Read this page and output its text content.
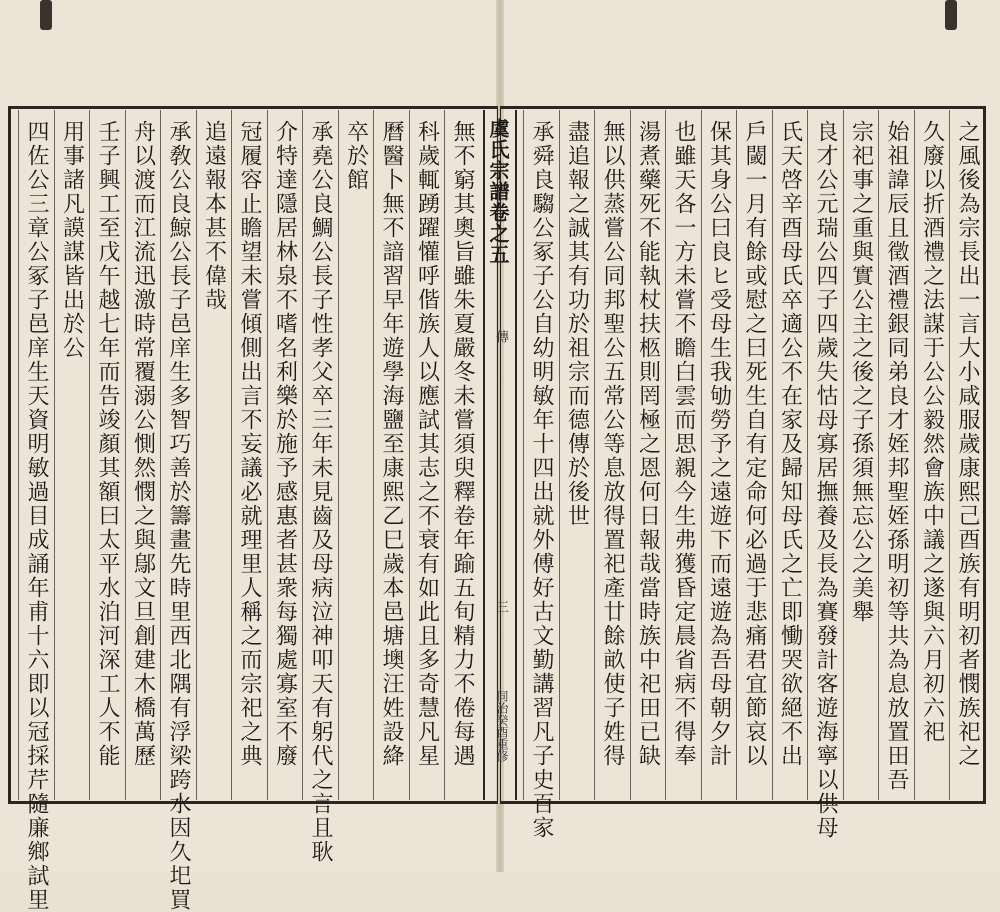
虞氏宗譜卷之五
傳
三
同治癸酉重修	之風後為宗長出一言大小咸服歲康熙己酉族有明初者憫族祀之
久廢以折酒禮之法謀于公公毅然會族中議之遂與六月初六祀
始祖諱辰且徵酒禮銀同弟良才姪邦聖姪孫明初等共為息放置田吾
宗祀事之重與實公主之後之子孫須無忘公之美舉
良才公元瑞公四子四歲失怙母寡居撫養及長為賽發計客遊海寧以供母
氏天啓辛酉母氏卒適公不在家及歸知母氏之亡即慟哭欲絕不出
戶閾一月有餘或慰之曰死生自有定命何必過于悲痛君宜節哀以
保其身公曰良ヒ受母生我劬勞予之遠遊下而遠遊為吾母朝夕計
也雖天各一方未嘗不瞻白雲而思親今生弗獲昏定晨省病不得奉
湯煮藥死不能執杖扶柩則罔極之恩何日報哉當時族中祀田已缺
無以供蒸嘗公同邦聖公五常公等息放得置祀產廿餘畝使子姓得
盡追報之誠其有功於祖宗而德傳於後世
承舜良騶公冢子公自幼明敏年十四出就外傅好古文勤講習凡子史百家
無不窮其奧旨雖朱夏嚴冬未嘗須臾釋卷年踰五旬精力不倦每遇
科歲輒踴躍懽呼偕族人以應試其志之不衰有如此且多奇慧凡星
曆醫卜無不諳習早年遊學海鹽至康熙乙巳歲本邑塘墺汪姓設絳
卒於館
承堯公良鯛公長子性孝父卒三年未見齒及母病泣神叩天有躬代之言且耿
介特達隱居林泉不嗜名利樂於施予感惠者甚衆每獨處寡室不廢
冠履容止瞻望未嘗傾側出言不妄議必就理里人稱之而宗祀之典
追遠報本甚不偉哉
承敎公良鯨公長子邑庠生多智巧善於籌畫先時里西北隅有浮梁跨水因久圯買
舟以渡而江流迅激時常覆溺公惻然憫之與鄔文旦創建木橋萬歷
壬子興工至戊午越七年而告竣顏其額曰太平水泊河深工人不能
用事諸凡謨謀皆出於公
四佐公三章公冢子邑庠生天資明敏過目成誦年甫十六即以冠採芹隨廉鄉試里
